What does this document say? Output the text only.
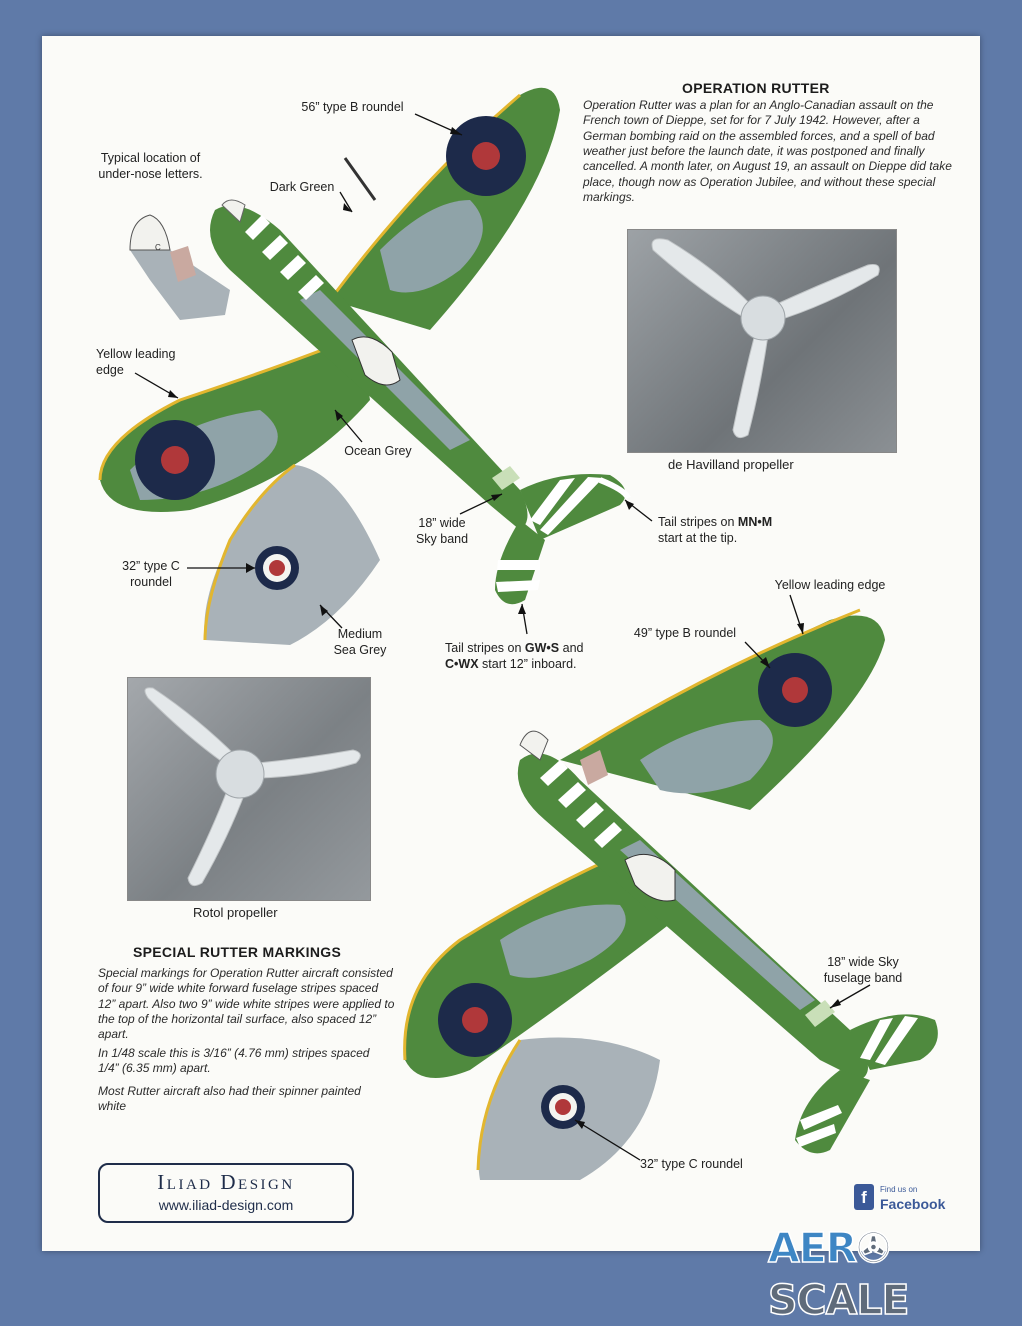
C
OPERATION RUTTER

Operation Rutter was a plan for an Anglo-Canadian assault on the French town of Dieppe, set for for 7 July 1942. However, after a German bombing raid on the assembled forces, and a spell of bad weather just before the launch date, it was postponed and finally cancelled. A month later, on August 19, an assault on Dieppe did take place, though now as Operation Jubilee, and without these special markings.

56” type B roundel
Typical location of under-nose letters.
Dark Green
Yellow leading edge
Ocean Grey
18” wide Sky band
Tail stripes on MN•M
start at the tip.
32” type C roundel
Medium Sea Grey	Tail stripes on GW•S and
C•WX start 12” inboard.
Yellow leading edge
49” type B roundel
18” wide Sky fuselage band
32” type C roundel
de Havilland propeller
Rotol propeller
SPECIAL RUTTER MARKINGS

Special markings for Operation Rutter aircraft consisted of four 9” wide white forward fuselage stripes spaced 12” apart. Also two 9” wide white stripes were applied to the top of the horizontal tail surface, also spaced 12” apart.

In 1/48 scale this is 3/16” (4.76 mm) stripes spaced 1/4” (6.35 mm) apart.

Most Rutter aircraft also had their spinner painted white

Iliad Design
www.iliad-design.com	f	Find us on
Facebook
AER✇SCALE
